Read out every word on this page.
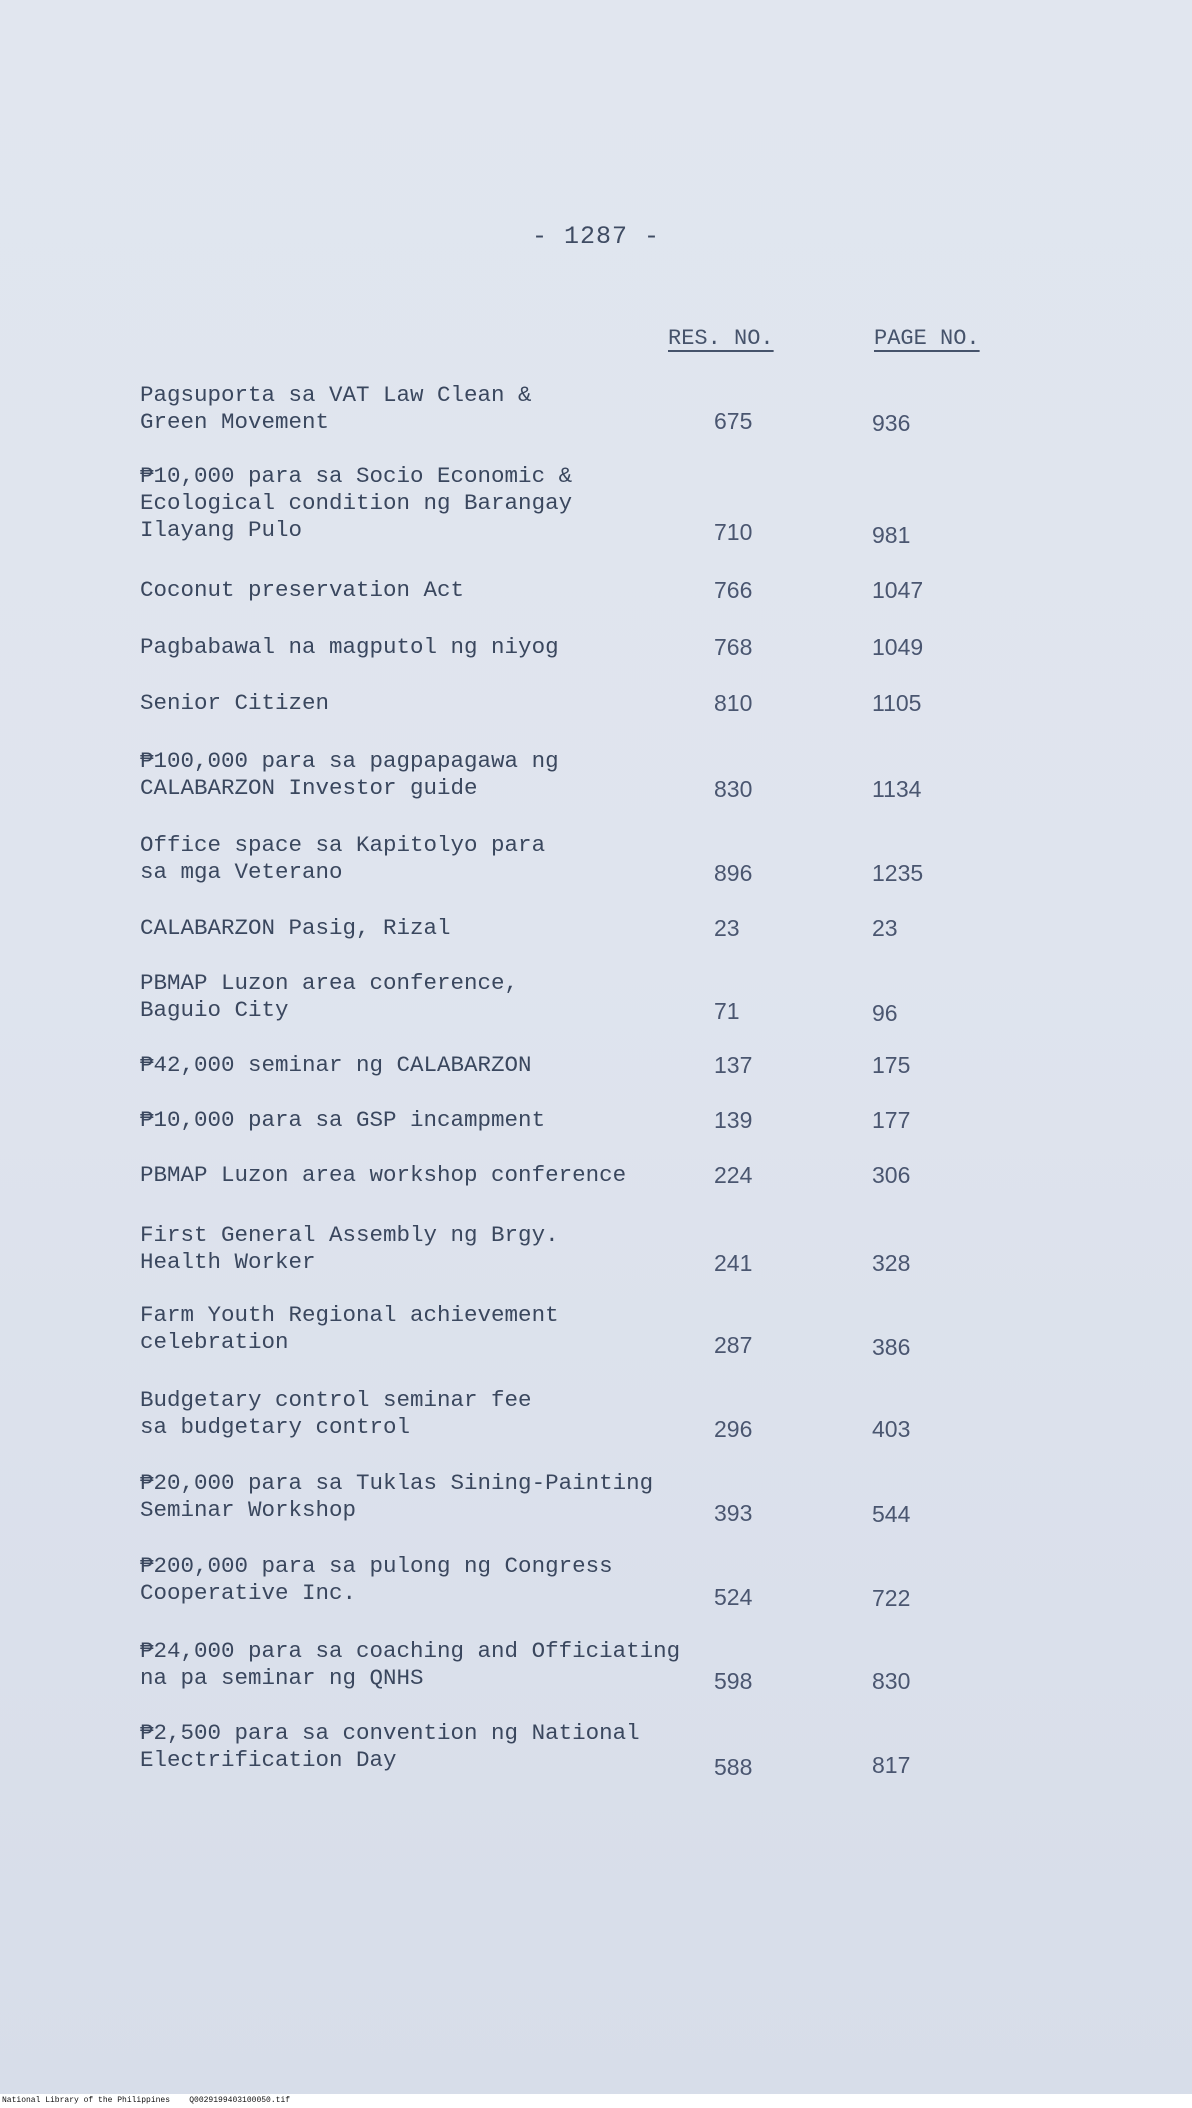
- 1287 -
RES. NO.	PAGE NO.
Pagsuporta sa VAT Law Clean &
Green Movement	675	936
₱10,000 para sa Socio Economic &
Ecological condition ng Barangay
Ilayang Pulo	710	981
Coconut preservation Act	766	1047
Pagbabawal na magputol ng niyog	768	1049
Senior Citizen	810	1105
₱100,000 para sa pagpapagawa ng
CALABARZON Investor guide	830	1134
Office space sa Kapitolyo para
sa mga Veterano	896	1235
CALABARZON Pasig, Rizal	23	23
PBMAP Luzon area conference,
Baguio City	71	96
₱42,000 seminar ng CALABARZON	137	175
₱10,000 para sa GSP incampment	139	177
PBMAP Luzon area workshop conference	224	306
First General Assembly ng Brgy.
Health Worker	241	328
Farm Youth Regional achievement
celebration	287	386
Budgetary control seminar fee
sa budgetary control	296	403
₱20,000 para sa Tuklas Sining-Painting
Seminar Workshop	393	544
₱200,000 para sa pulong ng Congress
Cooperative Inc.	524	722
₱24,000 para sa coaching and Officiating
na pa seminar ng QNHS	598	830
₱2,500 para sa convention ng National
Electrification Day	588	817
National Library of the Philippines    Q0029199403100050.tif
